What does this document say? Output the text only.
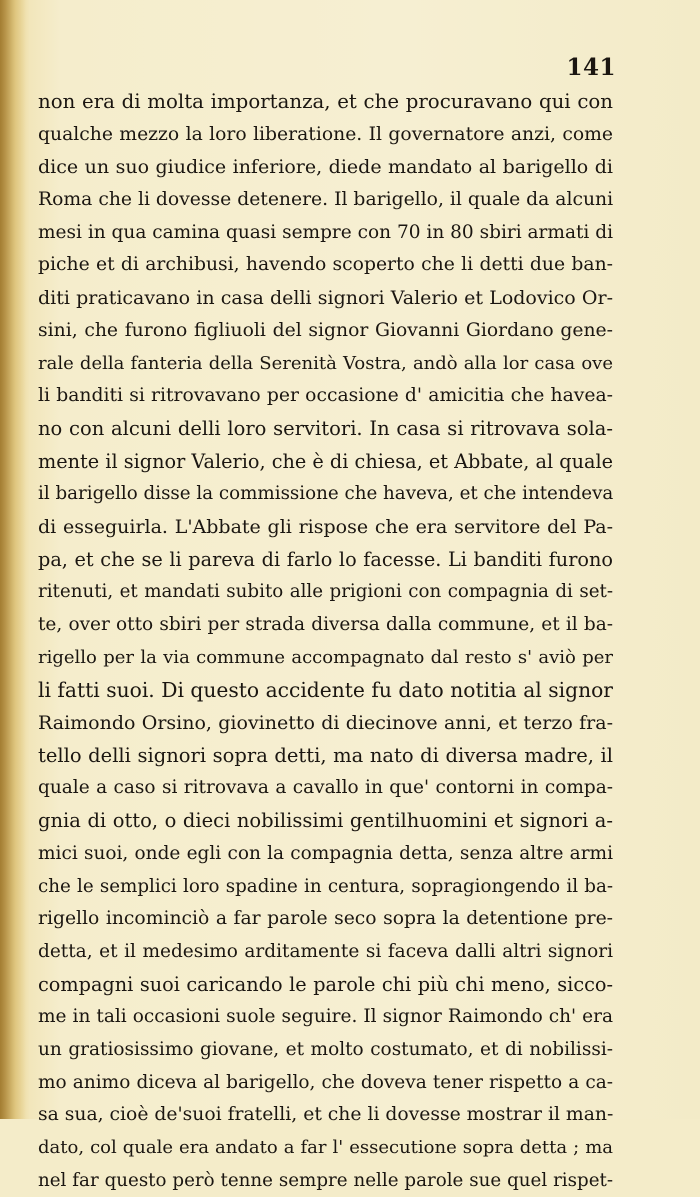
141
non era di molta importanza, et che procuravano qui con
qualche mezzo la loro liberatione. Il governatore anzi, come
dice un suo giudice inferiore, diede mandato al barigello di
Roma che li dovesse detenere. Il barigello, il quale da alcuni
mesi in qua camina quasi sempre con 70 in 80 sbiri armati di
piche et di archibusi, havendo scoperto che li detti due ban-
diti praticavano in casa delli signori Valerio et Lodovico Or-
sini, che furono figliuoli del signor Giovanni Giordano gene-
rale della fanteria della Serenità Vostra, andò alla lor casa ove
li banditi si ritrovavano per occasione d' amicitia che havea-
no con alcuni delli loro servitori. In casa si ritrovava sola-
mente il signor Valerio, che è di chiesa, et Abbate, al quale
il barigello disse la commissione che haveva, et che intendeva
di esseguirla. L'Abbate gli rispose che era servitore del Pa-
pa, et che se li pareva di farlo lo facesse. Li banditi furono
ritenuti, et mandati subito alle prigioni con compagnia di set-
te, over otto sbiri per strada diversa dalla commune, et il ba-
rigello per la via commune accompagnato dal resto s' aviò per
li fatti suoi. Di questo accidente fu dato notitia al signor
Raimondo Orsino, giovinetto di diecinove anni, et terzo fra-
tello delli signori sopra detti, ma nato di diversa madre, il
quale a caso si ritrovava a cavallo in que' contorni in compa-
gnia di otto, o dieci nobilissimi gentilhuomini et signori a-
mici suoi, onde egli con la compagnia detta, senza altre armi
che le semplici loro spadine in centura, sopragiongendo il ba-
rigello incominciò a far parole seco sopra la detentione pre-
detta, et il medesimo arditamente si faceva dalli altri signori
compagni suoi caricando le parole chi più chi meno, sicco-
me in tali occasioni suole seguire. Il signor Raimondo ch' era
un gratiosissimo giovane, et molto costumato, et di nobilissi-
mo animo diceva al barigello, che doveva tener rispetto a ca-
sa sua, cioè de'suoi fratelli, et che li dovesse mostrar il man-
dato, col quale era andato a far l' essecutione sopra detta ; ma
nel far questo però tenne sempre nelle parole sue quel rispet-
